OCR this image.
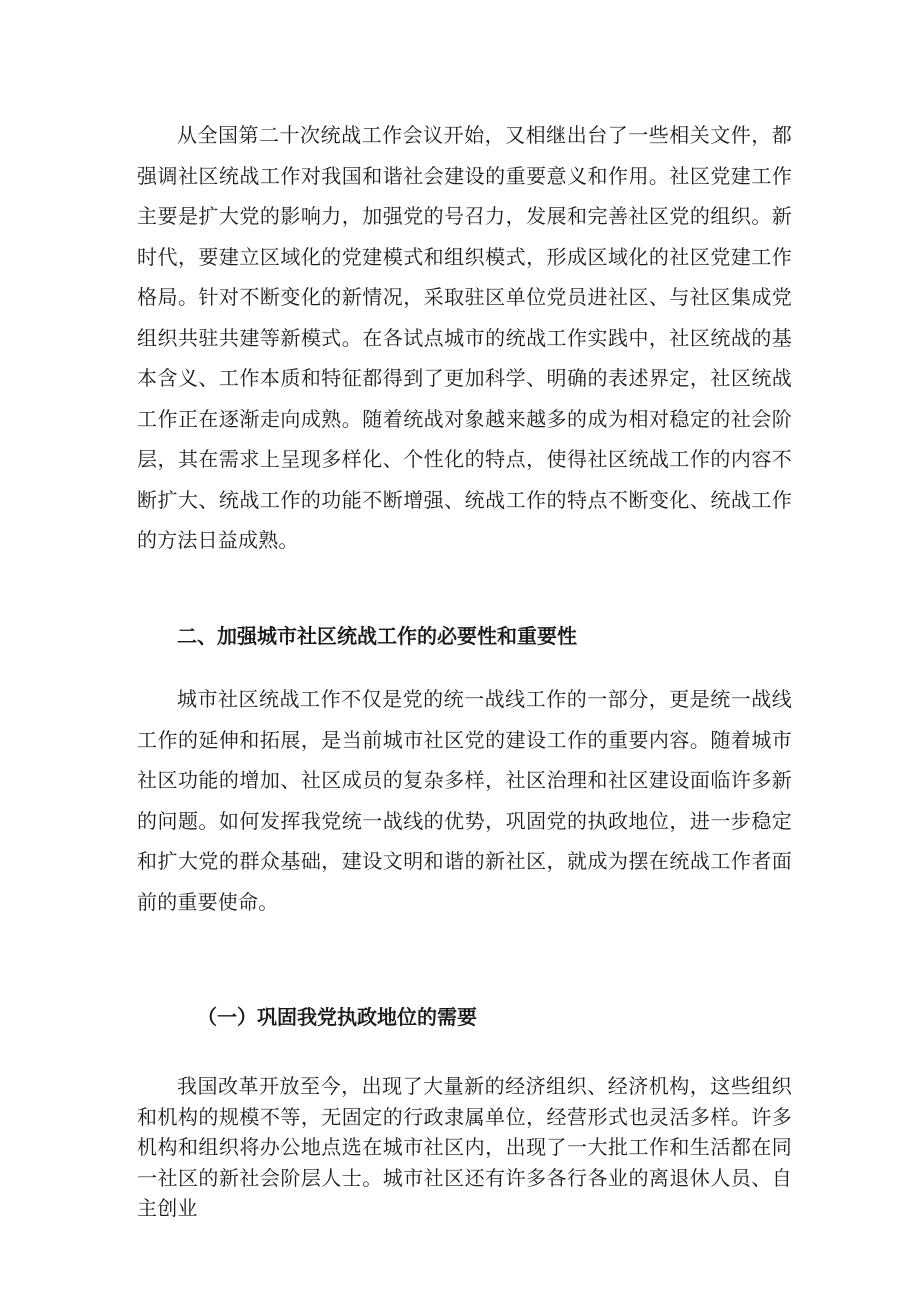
从全国第二十次统战工作会议开始，又相继出台了一些相关文件，都强调社区统战工作对我国和谐社会建设的重要意义和作用。社区党建工作主要是扩大党的影响力，加强党的号召力，发展和完善社区党的组织。新时代，要建立区域化的党建模式和组织模式，形成区域化的社区党建工作格局。针对不断变化的新情况，采取驻区单位党员进社区、与社区集成党组织共驻共建等新模式。在各试点城市的统战工作实践中，社区统战的基本含义、工作本质和特征都得到了更加科学、明确的表述界定，社区统战工作正在逐渐走向成熟。随着统战对象越来越多的成为相对稳定的社会阶层，其在需求上呈现多样化、个性化的特点，使得社区统战工作的内容不断扩大、统战工作的功能不断增强、统战工作的特点不断变化、统战工作的方法日益成熟。

二、加强城市社区统战工作的必要性和重要性

城市社区统战工作不仅是党的统一战线工作的一部分，更是统一战线工作的延伸和拓展，是当前城市社区党的建设工作的重要内容。随着城市社区功能的增加、社区成员的复杂多样，社区治理和社区建设面临许多新的问题。如何发挥我党统一战线的优势，巩固党的执政地位，进一步稳定和扩大党的群众基础，建设文明和谐的新社区，就成为摆在统战工作者面前的重要使命。

（一）巩固我党执政地位的需要

我国改革开放至今，出现了大量新的经济组织、经济机构，这些组织和机构的规模不等，无固定的行政隶属单位，经营形式也灵活多样。许多机构和组织将办公地点选在城市社区内，出现了一大批工作和生活都在同一社区的新社会阶层人士。城市社区还有许多各行各业的离退休人员、自主创业
